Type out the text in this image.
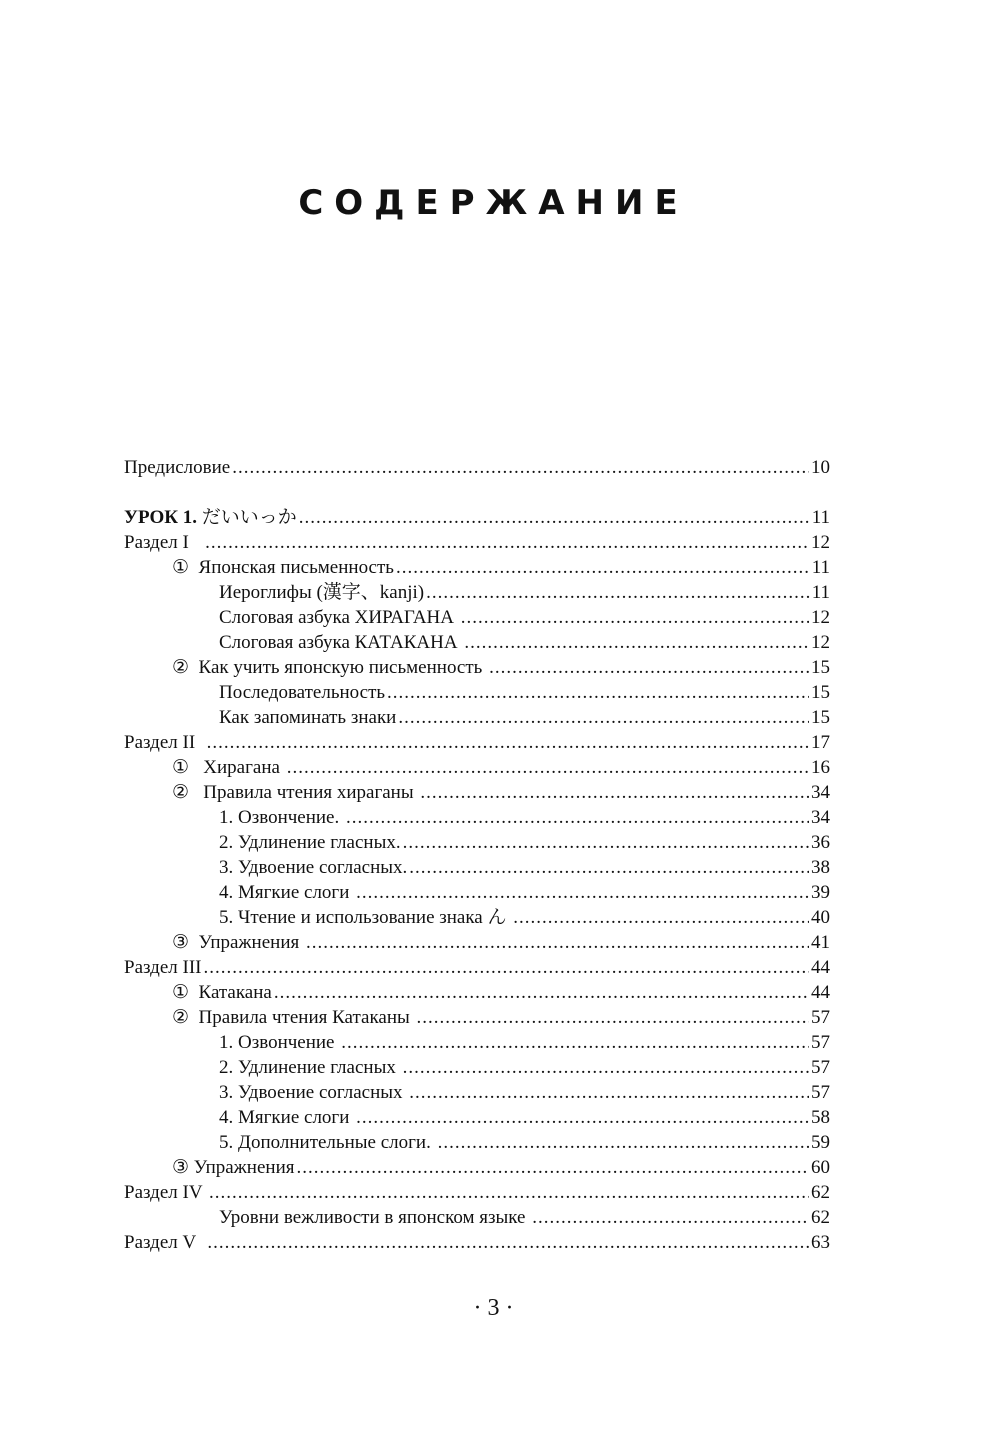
СОДЕРЖАНИЕ
Предисловие .....	10
УРОК 1. だいいっか .....	11
Раздел I .....	12
①  Японская письменность .....	11
Иероглифы (漢字、kanji) .....	11
Слоговая азбука ХИРАГАНА .....	12
Слоговая азбука КАТАКАНА .....	12
②  Как учить японскую письменность .....	15
Последовательность .....	15
Как запоминать знаки .....	15
Раздел II .....	17
①   Хирагана .....	16
②   Правила чтения хираганы .....	34
1. Озвончение. .....	34
2. Удлинение гласных. .....	36
3. Удвоение согласных. .....	38
4. Мягкие слоги .....	39
5. Чтение и использование знака ん .....	40
③  Упражнения .....	41
Раздел III .....	44
①  Катакана .....	44
②  Правила чтения Катаканы .....	57
1. Озвончение .....	57
2. Удлинение гласных .....	57
3. Удвоение согласных .....	57
4. Мягкие слоги .....	58
5. Дополнительные слоги. .....	59
③ Упражнения .....	60
Раздел IV .....	62
Уровни вежливости в японском языке .....	62
Раздел V .....	63
· 3 ·
